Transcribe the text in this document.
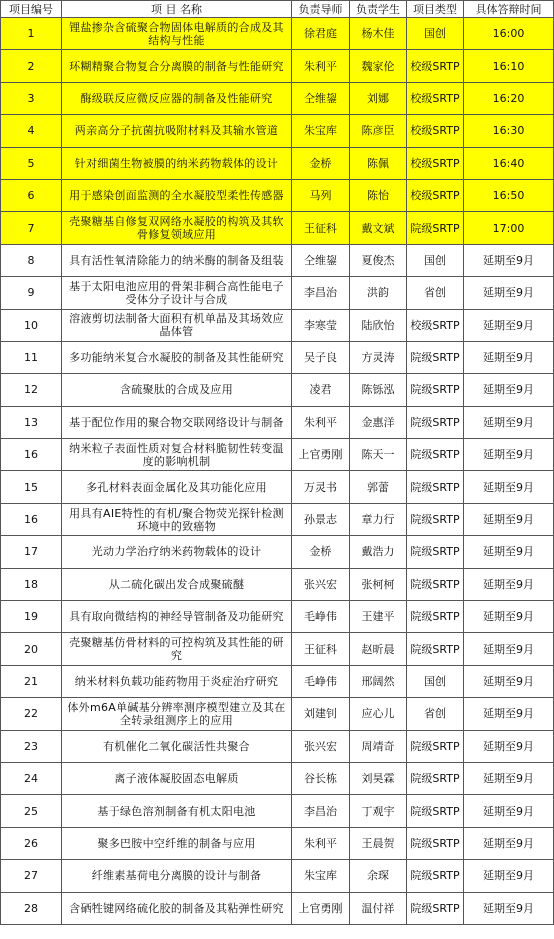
项目编号	项 目 名称	负责导师	负责学生	项目类型	具体答辩时间
1	锂盐掺杂含硫聚合物固体电解质的合成及其结构与性能	徐君庭	杨木佳	国创	16:00
2	环糊精聚合物复合分离膜的制备与性能研究	朱利平	魏家伦	校级SRTP	16:10
3	酶级联反应微反应器的制备及性能研究	仝维鋆	刘娜	校级SRTP	16:20
4	两亲高分子抗菌抗吸附材料及其输水管道	朱宝库	陈彦臣	校级SRTP	16:30
5	针对细菌生物被膜的纳米药物载体的设计	金桥	陈佩	校级SRTP	16:40
6	用于感染创面监测的全水凝胶型柔性传感器	马列	陈怡	校级SRTP	16:50
7	壳聚糖基自修复双网络水凝胶的构筑及其软骨修复领域应用	王征科	戴文斌	院级SRTP	17:00
8	具有活性氧清除能力的纳米酶的制备及组装	仝维鋆	夏俊杰	国创	延期至9月
9	基于太阳电池应用的骨架非稠合高性能电子受体分子设计与合成	李昌治	洪韵	省创	延期至9月
10	溶液剪切法制备大面积有机单晶及其场效应晶体管	李寒莹	陆欣怡	校级SRTP	延期至9月
11	多功能纳米复合水凝胶的制备及其性能研究	吴子良	方灵涛	院级SRTP	延期至9月
12	含硫聚肽的合成及应用	凌君	陈铄泓	院级SRTP	延期至9月
13	基于配位作用的聚合物交联网络设计与制备	朱利平	金惠洋	院级SRTP	延期至9月
16	纳米粒子表面性质对复合材料脆韧性转变温度的影响机制	上官勇刚	陈天一	院级SRTP	延期至9月
15	多孔材料表面金属化及其功能化应用	万灵书	郭蕾	院级SRTP	延期至9月
16	用具有AIE特性的有机/聚合物荧光探针检测环境中的致癌物	孙景志	章力行	院级SRTP	延期至9月
17	光动力学治疗纳米药物载体的设计	金桥	戴浩力	院级SRTP	延期至9月
18	从二硫化碳出发合成聚硫醚	张兴宏	张柯柯	院级SRTP	延期至9月
19	具有取向微结构的神经导管制备及功能研究	毛峥伟	王建平	院级SRTP	延期至9月
20	壳聚糖基仿骨材料的可控构筑及其性能的研究	王征科	赵昕晨	院级SRTP	延期至9月
21	纳米材料负载功能药物用于炎症治疗研究	毛峥伟	邢阔然	国创	延期至9月
22	体外m6A单碱基分辨率测序模型建立及其在全转录组测序上的应用	刘建钊	应心儿	省创	延期至9月
23	有机催化二氧化碳活性共聚合	张兴宏	周靖奇	院级SRTP	延期至9月
24	离子液体凝胶固态电解质	谷长栋	刘昊霖	院级SRTP	延期至9月
25	基于绿色溶剂制备有机太阳电池	李昌治	丁观宇	院级SRTP	延期至9月
26	聚多巴胺中空纤维的制备与应用	朱利平	王晨贺	院级SRTP	延期至9月
27	纤维素基荷电分离膜的设计与制备	朱宝库	余琛	院级SRTP	延期至9月
28	含硒牲键网络硫化胶的制备及其粘弹性研究	上官勇刚	温付祥	院级SRTP	延期至9月
